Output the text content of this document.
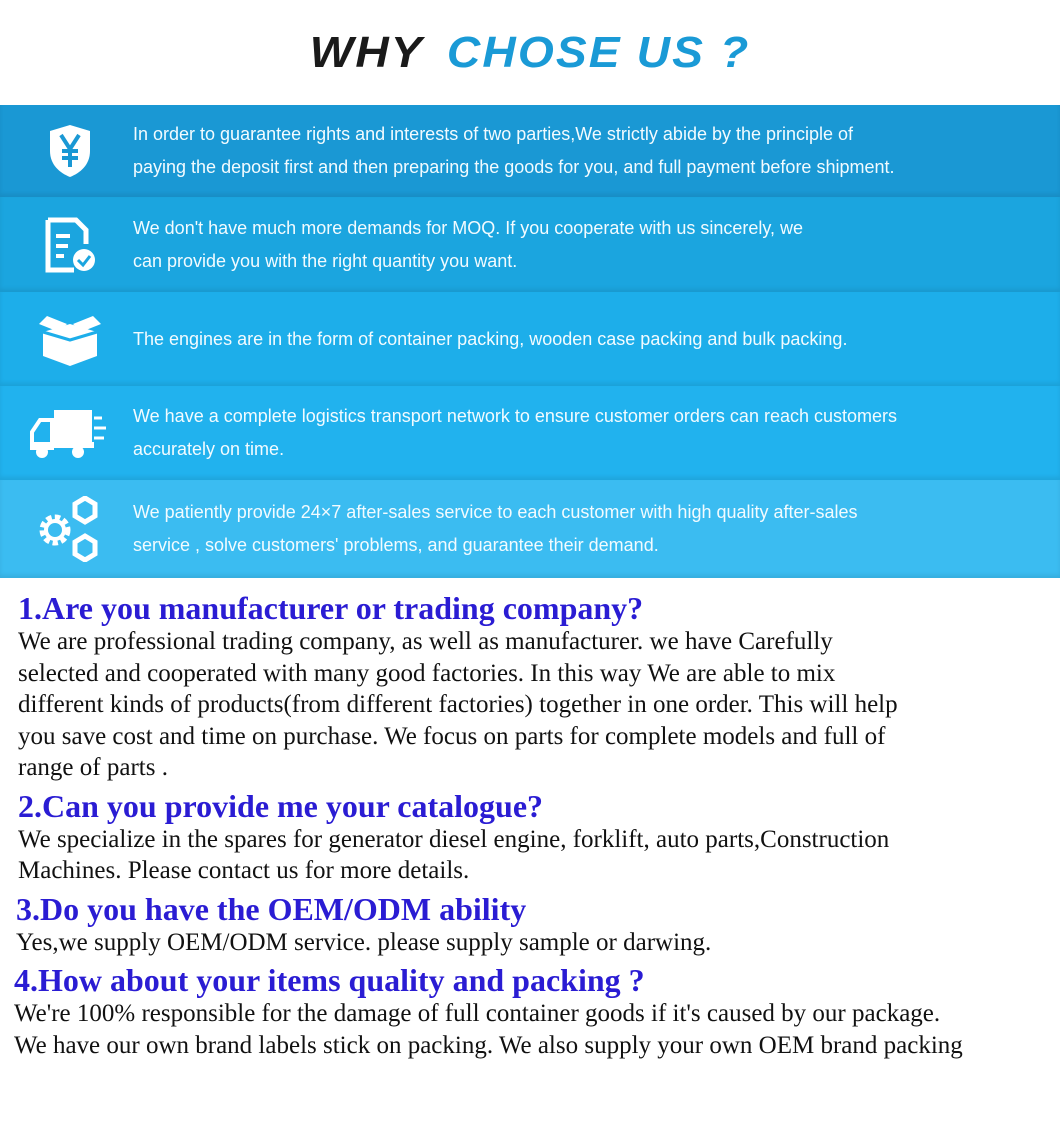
WHY CHOSE US ?
In order to guarantee rights and interests of two parties,We strictly abide by the principle of
paying the deposit first and then preparing the goods for you, and full payment before shipment.
We don't have much more demands for MOQ. If you cooperate with us sincerely, we
can provide you with the right quantity you want.
The engines are in the form of container packing, wooden case packing and bulk packing.
We have a complete logistics transport network to ensure customer orders can reach customers
accurately on time.
We patiently provide 24×7 after-sales service to each customer with high quality after-sales
service , solve customers' problems, and guarantee their demand.

1.Are you manufacturer or trading company?

We are professional trading company, as well as manufacturer. we have Carefully
selected and cooperated with many good factories. In this way We are able to mix
different kinds of products(from different factories) together in one order. This will help
you save cost and time on purchase. We focus on parts for complete models and full of
range of parts .

2.Can you provide me your catalogue?

We specialize in the spares for generator diesel engine, forklift, auto parts,Construction
Machines. Please contact us for more details.

3.Do you have the OEM/ODM ability

Yes,we supply OEM/ODM service. please supply sample or darwing.

4.How about your items quality and packing ?

We're 100% responsible for the damage of full container goods if it's caused by our package.
We have our own brand labels stick on packing. We also supply your own OEM brand packing
